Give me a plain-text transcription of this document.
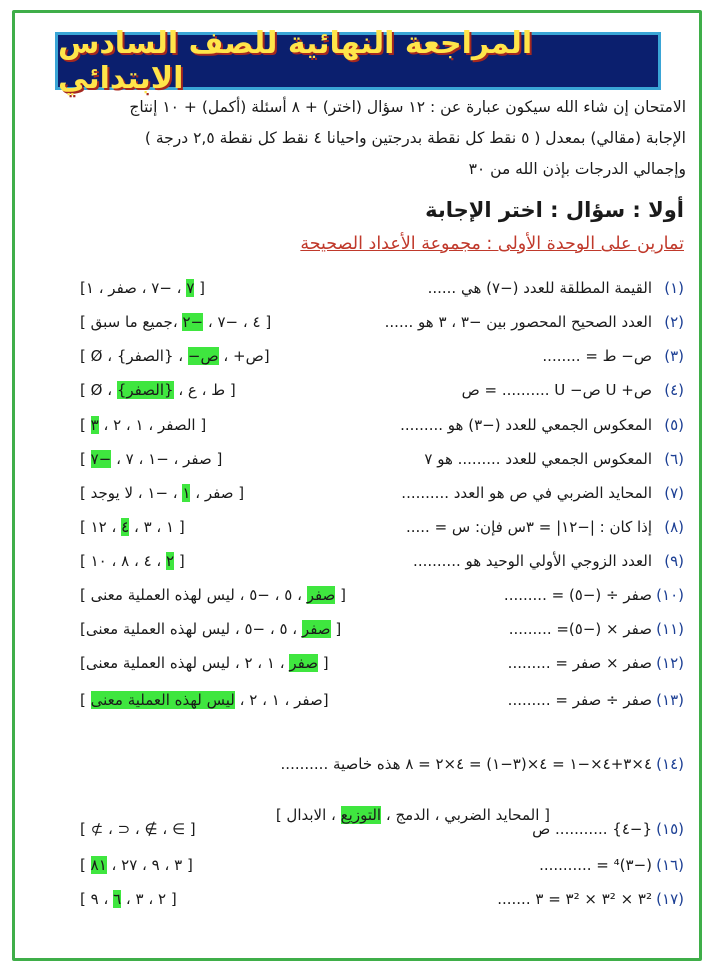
المراجعة النهائية للصف السادس الابتدائي
الامتحان إن شاء الله سيكون عبارة عن : ١٢ سؤال (اختر) + ٨ أسئلة (أكمل) + ١٠ إنتاج
الإجابة (مقالي) بمعدل ( ٥ نقط كل نقطة بدرجتين واحيانا ٤ نقط كل نقطة ٢,٥ درجة )
وإجمالي الدرجات بإذن الله من ٣٠
أولا : سؤال : اختر الإجابة
تمارين على الوحدة الأولى : مجموعة الأعداد الصحيحة
(١)
القيمة المطلقة للعدد (−٧) هي ......
[ ٧ ، −٧ ، صفر ، ١]
(٢)
العدد الصحيح المحصور بين −٣ ، ٣ هو ......
[ ٤ ، −٧ ، −٢ ،جميع ما سبق ]
(٣)
ص− ط = ........
[ص+ ، ص− ، {الصفر} ، Ø ]
(٤)
ص+ U ص− U .......... = ص
[ ط ، ع ، {الصفر} ، Ø ]
(٥)
المعكوس الجمعي للعدد (−٣) هو .........
[ الصفر ، ١ ، ٢ ، ٣ ]
(٦)
المعكوس الجمعي للعدد ......... هو ٧
[ صفر ، −١ ، ٧ ، −٧ ]
(٧)
المحايد الضربي في ص هو العدد ..........
[ صفر ، ١ ، −١ ، لا يوجد ]
(٨)
إذا كان : |−١٢| = ٣س فإن: س = .....
[ ١ ، ٣ ، ٤ ، ١٢ ]
(٩)
العدد الزوجي الأولي الوحيد هو ..........
[ ٢ ، ٤ ، ٨ ، ١٠ ]
(١٠)
صفر ÷ (−٥) = .........
[ صفر ، ٥ ، −٥ ، ليس لهذه العملية معنى ]
(١١)
صفر × (−٥)= .........
[ صفر ، ٥ ، −٥ ، ليس لهذه العملية معنى]
(١٢)
صفر × صفر = .........
[ صفر ، ١ ، ٢ ، ليس لهذه العملية معنى]
(١٣)
صفر ÷ صفر = .........
[صفر ، ١ ، ٢ ، ليس لهذه العملية معنى ]
(١٤)
٤×٣+٤×−١ = ٤×(٣−١) = ٤×٢ = ٨ هذه خاصية ..........
(١٥)
{−٤} ........... ص
[ ∋ ، ∌ ، ⊂ ، ⊅ ]
(١٦)
(−٣)⁴ = ...........
[ ٣ ، ٩ ، ٢٧ ، ٨١ ]
(١٧)
٣² × ٣² × ٣² = ٣ .......
[ ٢ ، ٣ ، ٦ ، ٩ ]
[ المحايد الضربي ، الدمج ، التوزيع ، الابدال ]
